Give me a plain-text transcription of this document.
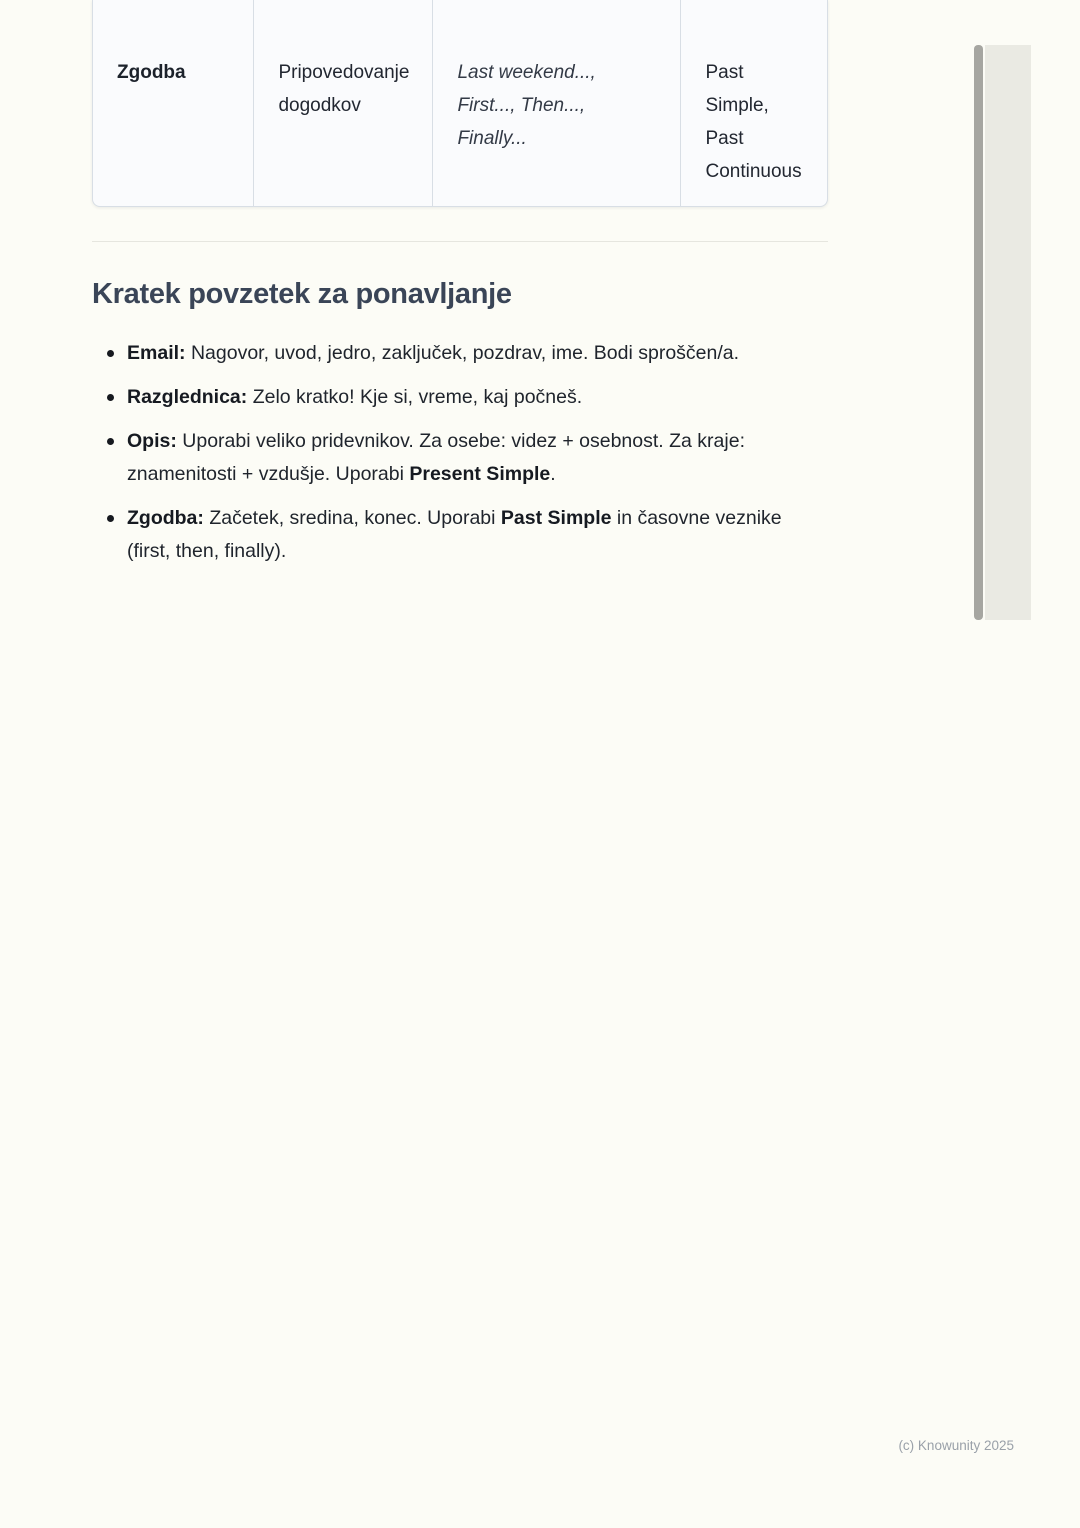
Zgodba	Pripovedovanje dogodkov
Last weekend..., First..., Then..., Finally...
Past Simple, Past Continuous
Kratek povzetek za ponavljanje
Email: Nagovor, uvod, jedro, zaključek, pozdrav, ime. Bodi sproščen/a.
Razglednica: Zelo kratko! Kje si, vreme, kaj počneš.
Opis: Uporabi veliko pridevnikov. Za osebe: videz + osebnost. Za kraje: znamenitosti + vzdušje. Uporabi Present Simple.
Zgodba: Začetek, sredina, konec. Uporabi Past Simple in časovne veznike (first, then, finally).
(c) Knowunity 2025
